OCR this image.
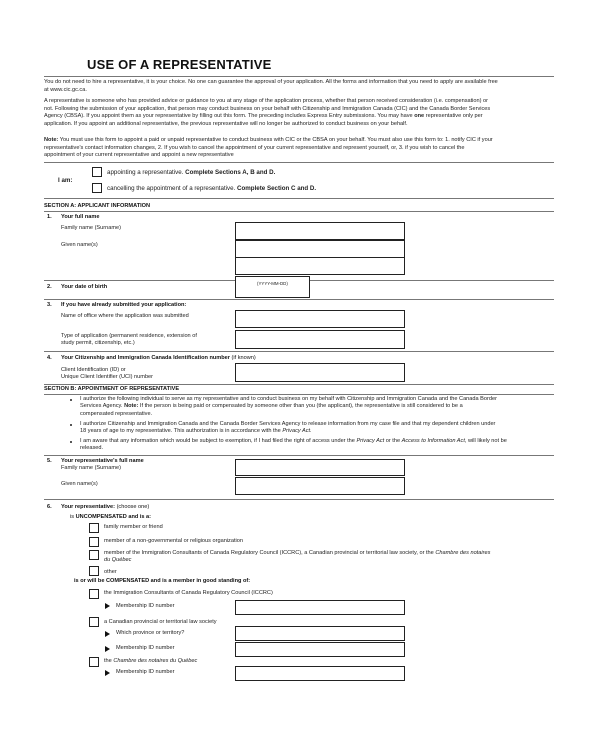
USE OF A REPRESENTATIVE
You do not need to hire a representative, it is your choice. No one can guarantee the approval of your application. All the forms and information that you need to apply are available free
at www.cic.gc.ca.
A representative is someone who has provided advice or guidance to you at any stage of the application process, whether that person received consideration (i.e. compensation) or
not. Following the submission of your application, that person may conduct business on your behalf with Citizenship and Immigration Canada (CIC) and the Canada Border Services
Agency (CBSA). If you appoint them as your representative by filling out this form. The preceding includes Express Entry submissions. You may have one representative only per
application. If you appoint an additional representative, the previous representative will no longer be authorized to conduct business on your behalf.
Note: You must use this form to appoint a paid or unpaid representative to conduct business with CIC or the CBSA on your behalf. You must also use this form to: 1. notify CIC if your
representative's contact information changes, 2. If you wish to cancel the appointment of your current representative and represent yourself, or, 3. if you wish to cancel the
appointment of your current representative and appoint a new representative
I am:
appointing a representative. Complete Sections A, B and D.
cancelling the appointment of a representative. Complete Section C and D.
SECTION A: APPLICANT INFORMATION
1. Your full name
Family name (Surname)
Given name(s)
2. Your date of birth
(YYYY-MM-DD)
3. If you have already submitted your application:
Name of office where the application was submitted
Type of application (permanent residence, extension of
study permit, citizenship, etc.)
4. Your Citizenship and Immigration Canada Identification number (if known)
Client Identification (ID) or
Unique Client Identifier (UCI) number
SECTION B: APPOINTMENT OF REPRESENTATIVE
I authorize the following individual to serve as my representative and to conduct business on my behalf with Citizenship and Immigration Canada and the Canada Border
Services Agency. Note: If the person is being paid or compensated by someone other than you (the applicant), the representative is still considered to be a
compensated representative.
I authorize Citizenship and Immigration Canada and the Canada Border Services Agency to release information from my case file and that my dependent children under
18 years of age to my representative. This authorization is in accordance with the Privacy Act.
I am aware that any information which would be subject to exemption, if I had filed the right of access under the Privacy Act or the Access to Information Act, will likely not be
released.
5. Your representative's full name
Family name (Surname)
Given name(s)
6. Your representative: (choose one)
is UNCOMPENSATED and is a:
family member or friend
member of a non-governmental or religious organization
member of the Immigration Consultants of Canada Regulatory Council (ICCRC), a Canadian provincial or territorial law society, or the Chambre des notaires
du Québec
other
is or will be COMPENSATED and is a member in good standing of:
the Immigration Consultants of Canada Regulatory Council (ICCRC)
Membership ID number
a Canadian provincial or territorial law society
Which province or territory?
Membership ID number
the Chambre des notaires du Québec
Membership ID number
